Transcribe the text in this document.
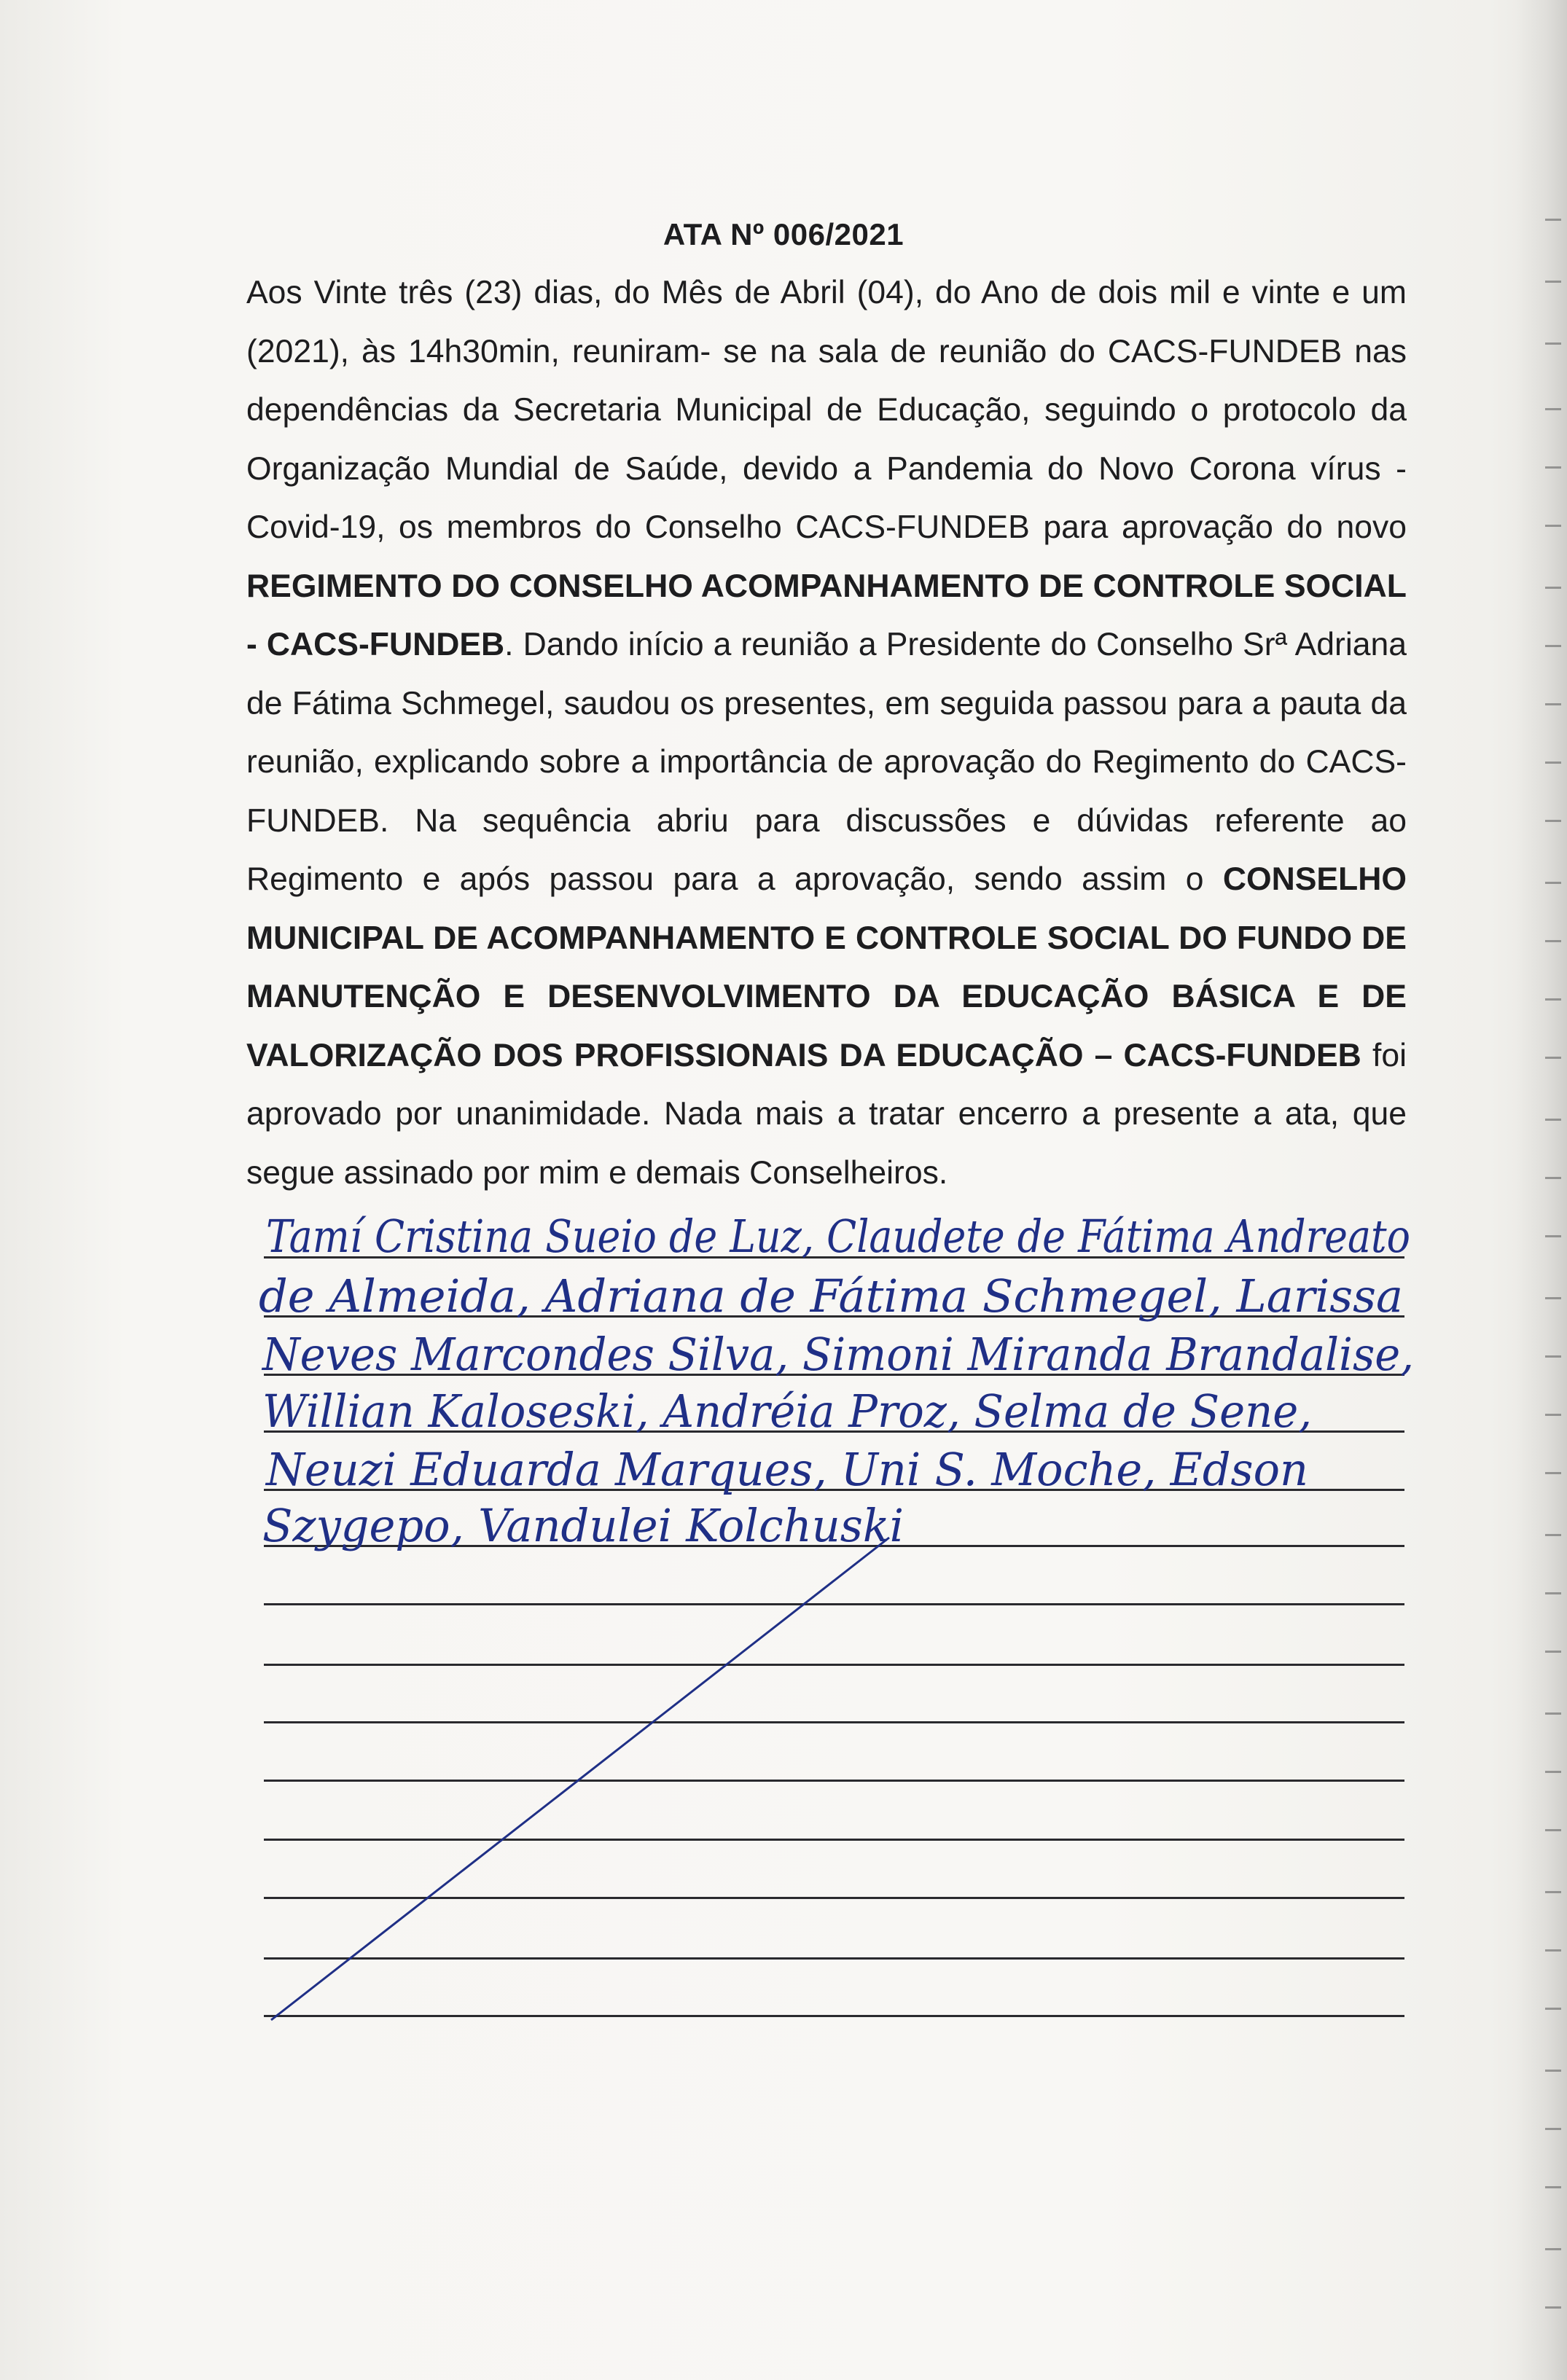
ATA Nº 006/2021

Aos Vinte três (23) dias, do Mês de Abril (04), do Ano de dois mil e vinte e um (2021), às 14h30min, reuniram- se na sala de reunião do CACS-FUNDEB nas dependências da Secretaria Municipal de Educação, seguindo o protocolo da Organização Mundial de Saúde, devido a Pandemia do Novo Corona vírus - Covid-19, os membros do Conselho CACS-FUNDEB para aprovação do novo REGIMENTO DO CONSELHO ACOMPANHAMENTO DE CONTROLE SOCIAL - CACS-FUNDEB. Dando início a reunião a Presidente do Conselho Srª Adriana de Fátima Schmegel, saudou os presentes, em seguida passou para a pauta da reunião, explicando sobre a importância de aprovação do Regimento do CACS-FUNDEB. Na sequência abriu para discussões e dúvidas referente ao Regimento e após passou para a aprovação, sendo assim o CONSELHO MUNICIPAL DE ACOMPANHAMENTO E CONTROLE SOCIAL DO FUNDO DE MANUTENÇÃO E DESENVOLVIMENTO DA EDUCAÇÃO BÁSICA E DE VALORIZAÇÃO DOS PROFISSIONAIS DA EDUCAÇÃO – CACS-FUNDEB foi aprovado por unanimidade. Nada mais a tratar encerro a presente a ata, que segue assinado por mim e demais Conselheiros.

Tamí Cristina Sueio de Luz, Claudete de Fátima Andreato
de Almeida, Adriana de Fátima Schmegel, Larissa
Neves Marcondes Silva, Simoni Miranda Brandalise,
Willian Kaloseski, Andréia Proz, Selma de Sene,
Neuzi Eduarda Marques, Uni S. Moche, Edson
Szygepo, Vandulei Kolchuski
